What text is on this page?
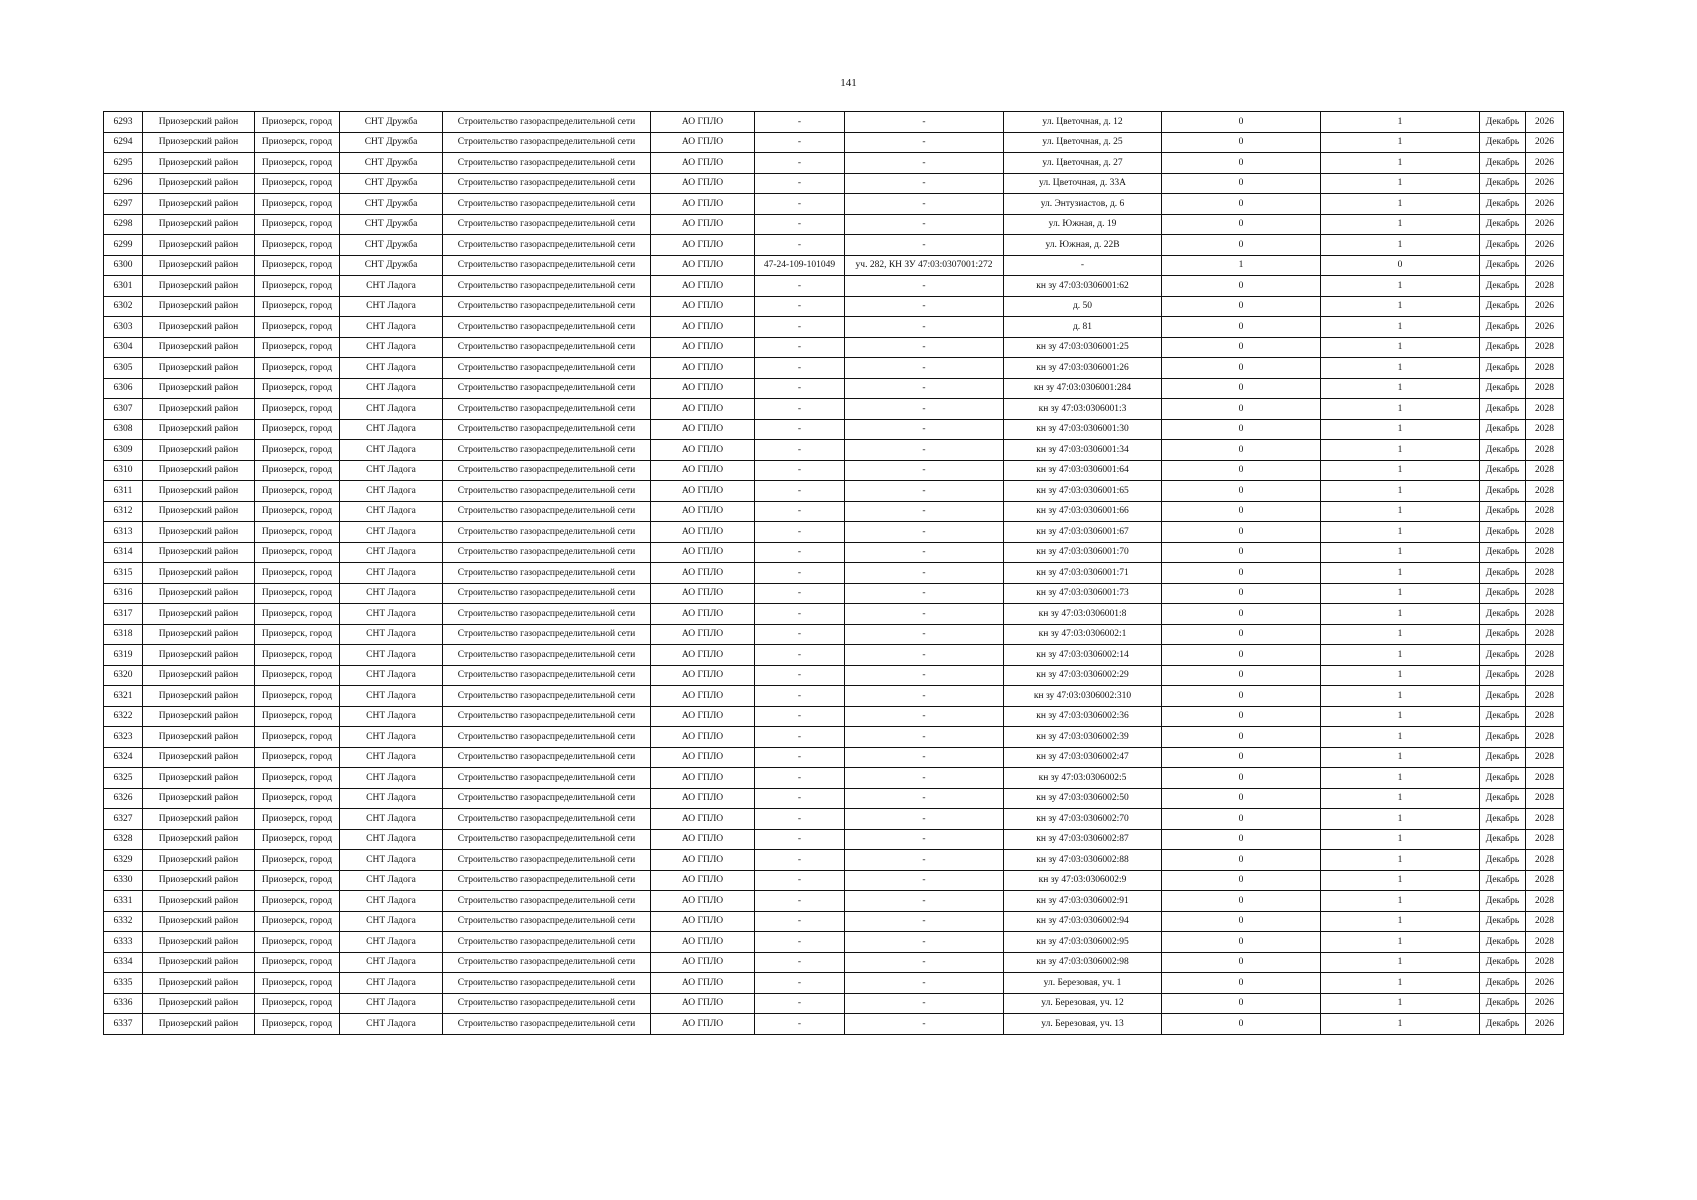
141
6293	Приозерский район	Приозерск, город	СНТ Дружба	Строительство газораспределительной сети	АО ГПЛО	-	-	ул. Цветочная, д. 12	0	1	Декабрь	2026
6294	Приозерский район	Приозерск, город	СНТ Дружба	Строительство газораспределительной сети	АО ГПЛО	-	-	ул. Цветочная, д. 25	0	1	Декабрь	2026
6295	Приозерский район	Приозерск, город	СНТ Дружба	Строительство газораспределительной сети	АО ГПЛО	-	-	ул. Цветочная, д. 27	0	1	Декабрь	2026
6296	Приозерский район	Приозерск, город	СНТ Дружба	Строительство газораспределительной сети	АО ГПЛО	-	-	ул. Цветочная, д. 33А	0	1	Декабрь	2026
6297	Приозерский район	Приозерск, город	СНТ Дружба	Строительство газораспределительной сети	АО ГПЛО	-	-	ул. Энтузиастов, д. 6	0	1	Декабрь	2026
6298	Приозерский район	Приозерск, город	СНТ Дружба	Строительство газораспределительной сети	АО ГПЛО	-	-	ул. Южная, д. 19	0	1	Декабрь	2026
6299	Приозерский район	Приозерск, город	СНТ Дружба	Строительство газораспределительной сети	АО ГПЛО	-	-	ул. Южная, д. 22В	0	1	Декабрь	2026
6300	Приозерский район	Приозерск, город	СНТ Дружба	Строительство газораспределительной сети	АО ГПЛО	47-24-109-101049	уч. 282, КН ЗУ 47:03:0307001:272	-	1	0	Декабрь	2026
6301	Приозерский район	Приозерск, город	СНТ Ладога	Строительство газораспределительной сети	АО ГПЛО	-	-	кн зу 47:03:0306001:62	0	1	Декабрь	2028
6302	Приозерский район	Приозерск, город	СНТ Ладога	Строительство газораспределительной сети	АО ГПЛО	-	-	д. 50	0	1	Декабрь	2026
6303	Приозерский район	Приозерск, город	СНТ Ладога	Строительство газораспределительной сети	АО ГПЛО	-	-	д. 81	0	1	Декабрь	2026
6304	Приозерский район	Приозерск, город	СНТ Ладога	Строительство газораспределительной сети	АО ГПЛО	-	-	кн зу 47:03:0306001:25	0	1	Декабрь	2028
6305	Приозерский район	Приозерск, город	СНТ Ладога	Строительство газораспределительной сети	АО ГПЛО	-	-	кн зу 47:03:0306001:26	0	1	Декабрь	2028
6306	Приозерский район	Приозерск, город	СНТ Ладога	Строительство газораспределительной сети	АО ГПЛО	-	-	кн зу 47:03:0306001:284	0	1	Декабрь	2028
6307	Приозерский район	Приозерск, город	СНТ Ладога	Строительство газораспределительной сети	АО ГПЛО	-	-	кн зу 47:03:0306001:3	0	1	Декабрь	2028
6308	Приозерский район	Приозерск, город	СНТ Ладога	Строительство газораспределительной сети	АО ГПЛО	-	-	кн зу 47:03:0306001:30	0	1	Декабрь	2028
6309	Приозерский район	Приозерск, город	СНТ Ладога	Строительство газораспределительной сети	АО ГПЛО	-	-	кн зу 47:03:0306001:34	0	1	Декабрь	2028
6310	Приозерский район	Приозерск, город	СНТ Ладога	Строительство газораспределительной сети	АО ГПЛО	-	-	кн зу 47:03:0306001:64	0	1	Декабрь	2028
6311	Приозерский район	Приозерск, город	СНТ Ладога	Строительство газораспределительной сети	АО ГПЛО	-	-	кн зу 47:03:0306001:65	0	1	Декабрь	2028
6312	Приозерский район	Приозерск, город	СНТ Ладога	Строительство газораспределительной сети	АО ГПЛО	-	-	кн зу 47:03:0306001:66	0	1	Декабрь	2028
6313	Приозерский район	Приозерск, город	СНТ Ладога	Строительство газораспределительной сети	АО ГПЛО	-	-	кн зу 47:03:0306001:67	0	1	Декабрь	2028
6314	Приозерский район	Приозерск, город	СНТ Ладога	Строительство газораспределительной сети	АО ГПЛО	-	-	кн зу 47:03:0306001:70	0	1	Декабрь	2028
6315	Приозерский район	Приозерск, город	СНТ Ладога	Строительство газораспределительной сети	АО ГПЛО	-	-	кн зу 47:03:0306001:71	0	1	Декабрь	2028
6316	Приозерский район	Приозерск, город	СНТ Ладога	Строительство газораспределительной сети	АО ГПЛО	-	-	кн зу 47:03:0306001:73	0	1	Декабрь	2028
6317	Приозерский район	Приозерск, город	СНТ Ладога	Строительство газораспределительной сети	АО ГПЛО	-	-	кн зу 47:03:0306001:8	0	1	Декабрь	2028
6318	Приозерский район	Приозерск, город	СНТ Ладога	Строительство газораспределительной сети	АО ГПЛО	-	-	кн зу 47:03:0306002:1	0	1	Декабрь	2028
6319	Приозерский район	Приозерск, город	СНТ Ладога	Строительство газораспределительной сети	АО ГПЛО	-	-	кн зу 47:03:0306002:14	0	1	Декабрь	2028
6320	Приозерский район	Приозерск, город	СНТ Ладога	Строительство газораспределительной сети	АО ГПЛО	-	-	кн зу 47:03:0306002:29	0	1	Декабрь	2028
6321	Приозерский район	Приозерск, город	СНТ Ладога	Строительство газораспределительной сети	АО ГПЛО	-	-	кн зу 47:03:0306002:310	0	1	Декабрь	2028
6322	Приозерский район	Приозерск, город	СНТ Ладога	Строительство газораспределительной сети	АО ГПЛО	-	-	кн зу 47:03:0306002:36	0	1	Декабрь	2028
6323	Приозерский район	Приозерск, город	СНТ Ладога	Строительство газораспределительной сети	АО ГПЛО	-	-	кн зу 47:03:0306002:39	0	1	Декабрь	2028
6324	Приозерский район	Приозерск, город	СНТ Ладога	Строительство газораспределительной сети	АО ГПЛО	-	-	кн зу 47:03:0306002:47	0	1	Декабрь	2028
6325	Приозерский район	Приозерск, город	СНТ Ладога	Строительство газораспределительной сети	АО ГПЛО	-	-	кн зу 47:03:0306002:5	0	1	Декабрь	2028
6326	Приозерский район	Приозерск, город	СНТ Ладога	Строительство газораспределительной сети	АО ГПЛО	-	-	кн зу 47:03:0306002:50	0	1	Декабрь	2028
6327	Приозерский район	Приозерск, город	СНТ Ладога	Строительство газораспределительной сети	АО ГПЛО	-	-	кн зу 47:03:0306002:70	0	1	Декабрь	2028
6328	Приозерский район	Приозерск, город	СНТ Ладога	Строительство газораспределительной сети	АО ГПЛО	-	-	кн зу 47:03:0306002:87	0	1	Декабрь	2028
6329	Приозерский район	Приозерск, город	СНТ Ладога	Строительство газораспределительной сети	АО ГПЛО	-	-	кн зу 47:03:0306002:88	0	1	Декабрь	2028
6330	Приозерский район	Приозерск, город	СНТ Ладога	Строительство газораспределительной сети	АО ГПЛО	-	-	кн зу 47:03:0306002:9	0	1	Декабрь	2028
6331	Приозерский район	Приозерск, город	СНТ Ладога	Строительство газораспределительной сети	АО ГПЛО	-	-	кн зу 47:03:0306002:91	0	1	Декабрь	2028
6332	Приозерский район	Приозерск, город	СНТ Ладога	Строительство газораспределительной сети	АО ГПЛО	-	-	кн зу 47:03:0306002:94	0	1	Декабрь	2028
6333	Приозерский район	Приозерск, город	СНТ Ладога	Строительство газораспределительной сети	АО ГПЛО	-	-	кн зу 47:03:0306002:95	0	1	Декабрь	2028
6334	Приозерский район	Приозерск, город	СНТ Ладога	Строительство газораспределительной сети	АО ГПЛО	-	-	кн зу 47:03:0306002:98	0	1	Декабрь	2028
6335	Приозерский район	Приозерск, город	СНТ Ладога	Строительство газораспределительной сети	АО ГПЛО	-	-	ул. Березовая, уч. 1	0	1	Декабрь	2026
6336	Приозерский район	Приозерск, город	СНТ Ладога	Строительство газораспределительной сети	АО ГПЛО	-	-	ул. Березовая, уч. 12	0	1	Декабрь	2026
6337	Приозерский район	Приозерск, город	СНТ Ладога	Строительство газораспределительной сети	АО ГПЛО	-	-	ул. Березовая, уч. 13	0	1	Декабрь	2026
